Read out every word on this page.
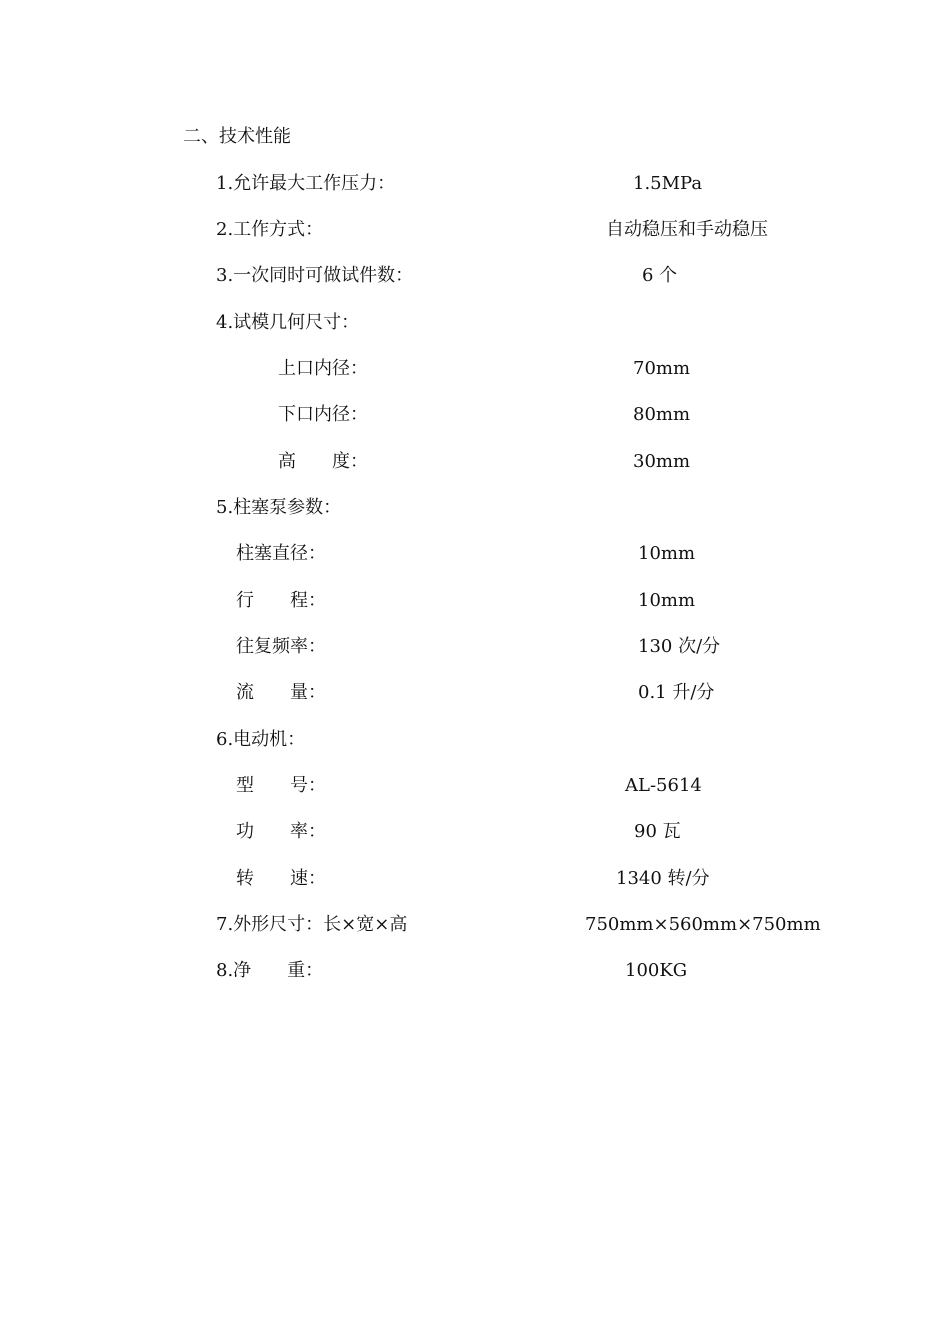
二、技术性能
1.允许最大工作压力：	1.5MPa
2.工作方式：	自动稳压和手动稳压
3.一次同时可做试件数：	6 个
4.试模几何尺寸：
上口内径：	70mm
下口内径：	80mm
高　　度：	30mm
5.柱塞泵参数：
柱塞直径：	10mm
行　　程：	10mm
往复频率：	130 次/分
流　　量：	0.1 升/分
6.电动机：
型　　号：	AL-5614
功　　率：	90 瓦
转　　速：	1340 转/分
7.外形尺寸：长×宽×高	750mm×560mm×750mm
8.净　　重：	100KG
